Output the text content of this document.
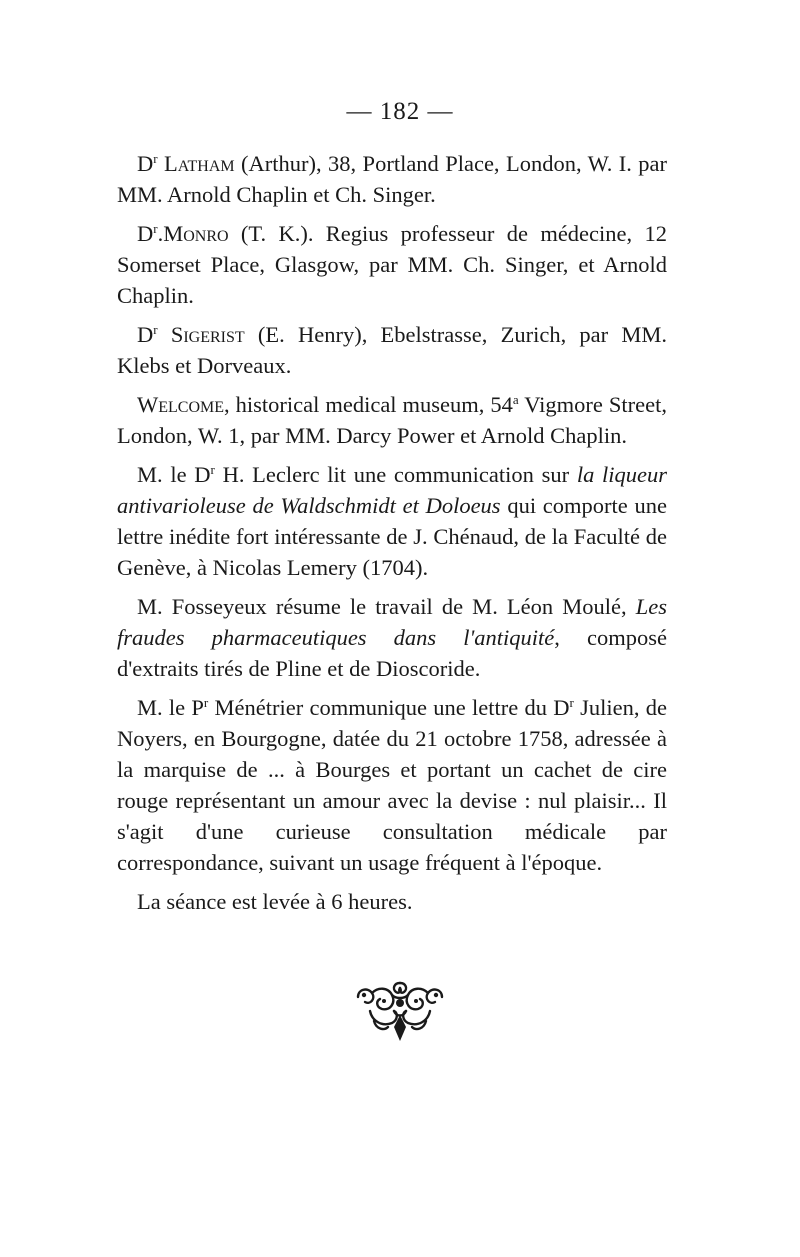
— 182 —

$D^r$ Latham (Arthur), 38, Portland Place, London, W. I. par MM. Arnold Chaplin et Ch. Singer.

$D^r.Monro$ (T. K.). Regius professeur de médecine, 12 Somerset Place, Glasgow, par MM. Ch. Singer, et Arnold Chaplin.

$D^r$ Sigerist (E. Henry), Ebelstrasse, Zurich, par MM. Klebs et Dorveaux.

Welcome, historical medical museum, 54$^a$ Vigmore Street, London, W. 1, par MM. Darcy Power et Arnold Chaplin.

M. le $D^r$ H. Leclerc lit une communication sur la liqueur antivarioleuse de Waldschmidt et Doloeus qui comporte une lettre inédite fort intéressante de J. Chénaud, de la Faculté de Genève, à Nicolas Lemery (1704).

M. Fosseyeux résume le travail de M. Léon Moulé, Les fraudes pharmaceutiques dans l'antiquité, composé d'extraits tirés de Pline et de Dioscoride.

M. le $P^r$ Ménétrier communique une lettre du $D^r$ Julien, de Noyers, en Bourgogne, datée du 21 octobre 1758, adressée à la marquise de ... à Bourges et portant un cachet de cire rouge représentant un amour avec la devise : nul plaisir... Il s'agit d'une curieuse consultation médicale par correspondance, suivant un usage fréquent à l'époque.

La séance est levée à 6 heures.
